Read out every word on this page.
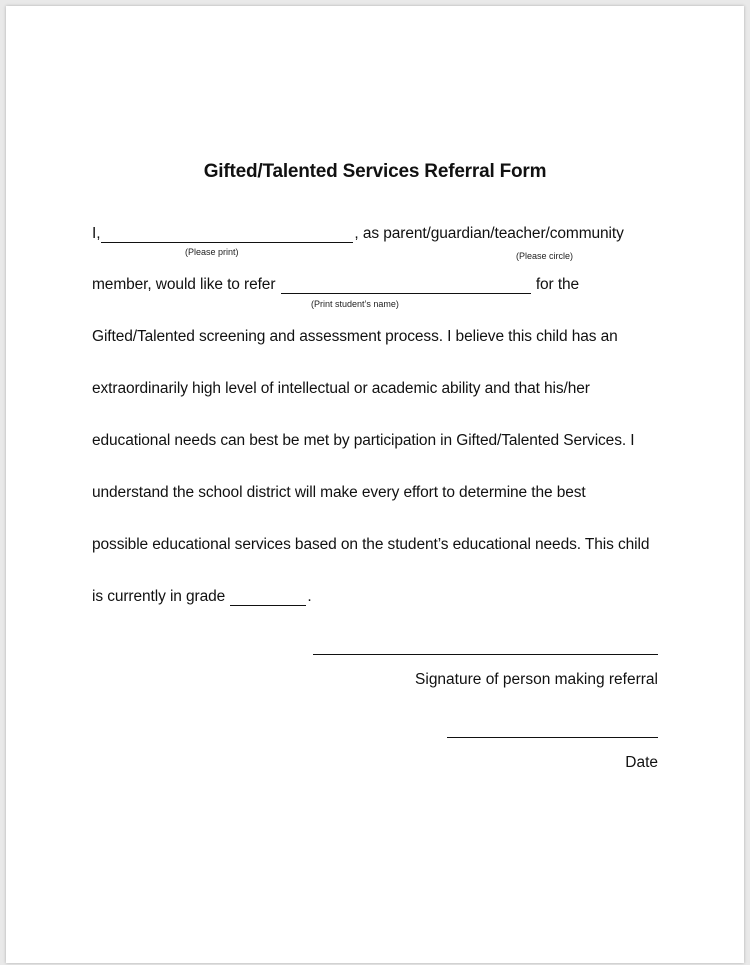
Gifted/Talented Services Referral Form
I,	, as parent/guardian/teacher/community
(Please print)	(Please circle)
member, would like to refer	for the
(Print student’s name)
Gifted/Talented screening and assessment process. I believe this child has an
extraordinarily high level of intellectual or academic ability and that his/her
educational needs can best be met by participation in Gifted/Talented Services. I
understand the school district will make every effort to determine the best
possible educational services based on the student’s educational needs. This child
is currently in grade	.
Signature of person making referral
Date
